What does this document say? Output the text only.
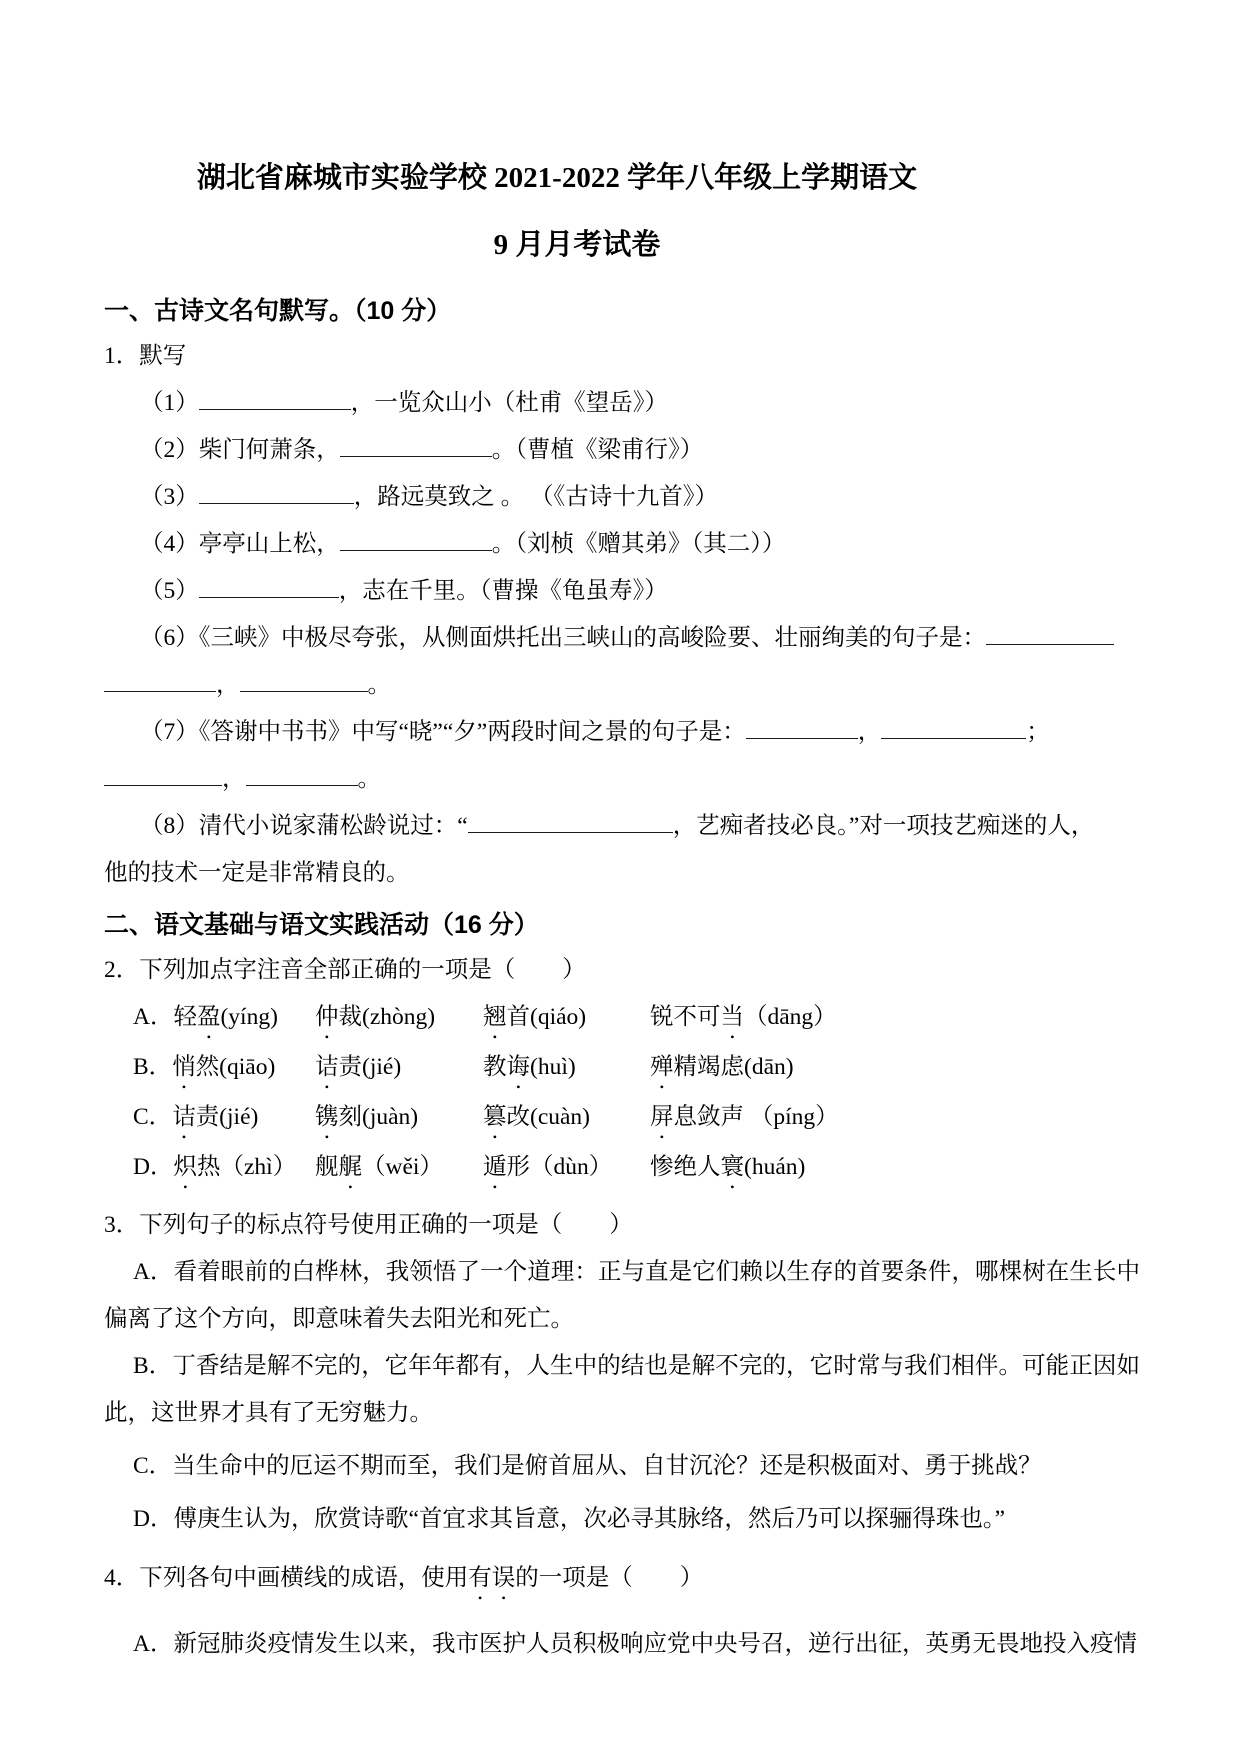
湖北省麻城市实验学校 2021-2022 学年八年级上学期语文
9 月月考试卷
一、古诗文名句默写。（10 分）
1．默写
（1）	，一览众山小（杜甫《望岳》）
（2）柴门何萧条，	。（曹植《梁甫行》）
（3）	，路远莫致之 。 （《古诗十九首》）
（4）亭亭山上松，	。（刘桢《赠其弟》（其二））
（5）	，志在千里。（曹操《龟虽寿》）
（6）《三峡》中极尽夸张，从侧面烘托出三峡山的高峻险要、壮丽绚美的句子是：
，	。
（7）《答谢中书书》中写“晓”“夕”两段时间之景的句子是：	，	；
，	。
（8）清代小说家蒲松龄说过：“	，艺痴者技必良。”对一项技艺痴迷的人，
他的技术一定是非常精良的。
二、语文基础与语文实践活动（16 分）
2．下列加点字注音全部正确的一项是（　　）
A．轻盈(yíng)	仲裁(zhòng)	翘首(qiáo)	锐不可当（dāng）
B．悄然(qiāo)	诘责(jié)	教诲(huì)	殚精竭虑(dān)
C．诘责(jié)	镌刻(juàn)	篡改(cuàn)	屏息敛声 （píng）
D．炽热（zhì） 舰艉（wěi）	遁形（dùn）	惨绝人寰(huán)
3．下列句子的标点符号使用正确的一项是（　　）
A．看着眼前的白桦林，我领悟了一个道理：正与直是它们赖以生存的首要条件，哪棵树在生长中偏离了这个方向，即意味着失去阳光和死亡。
B．丁香结是解不完的，它年年都有，人生中的结也是解不完的，它时常与我们相伴。可能正因如此，这世界才具有了无穷魅力。
C．当生命中的厄运不期而至，我们是俯首屈从、自甘沉沦？还是积极面对、勇于挑战？
D．傅庚生认为，欣赏诗歌“首宜求其旨意，次必寻其脉络，然后乃可以探骊得珠也。”
4．下列各句中画横线的成语，使用有误的一项是（　　）
A．新冠肺炎疫情发生以来，我市医护人员积极响应党中央号召，逆行出征，英勇无畏地投入疫情
